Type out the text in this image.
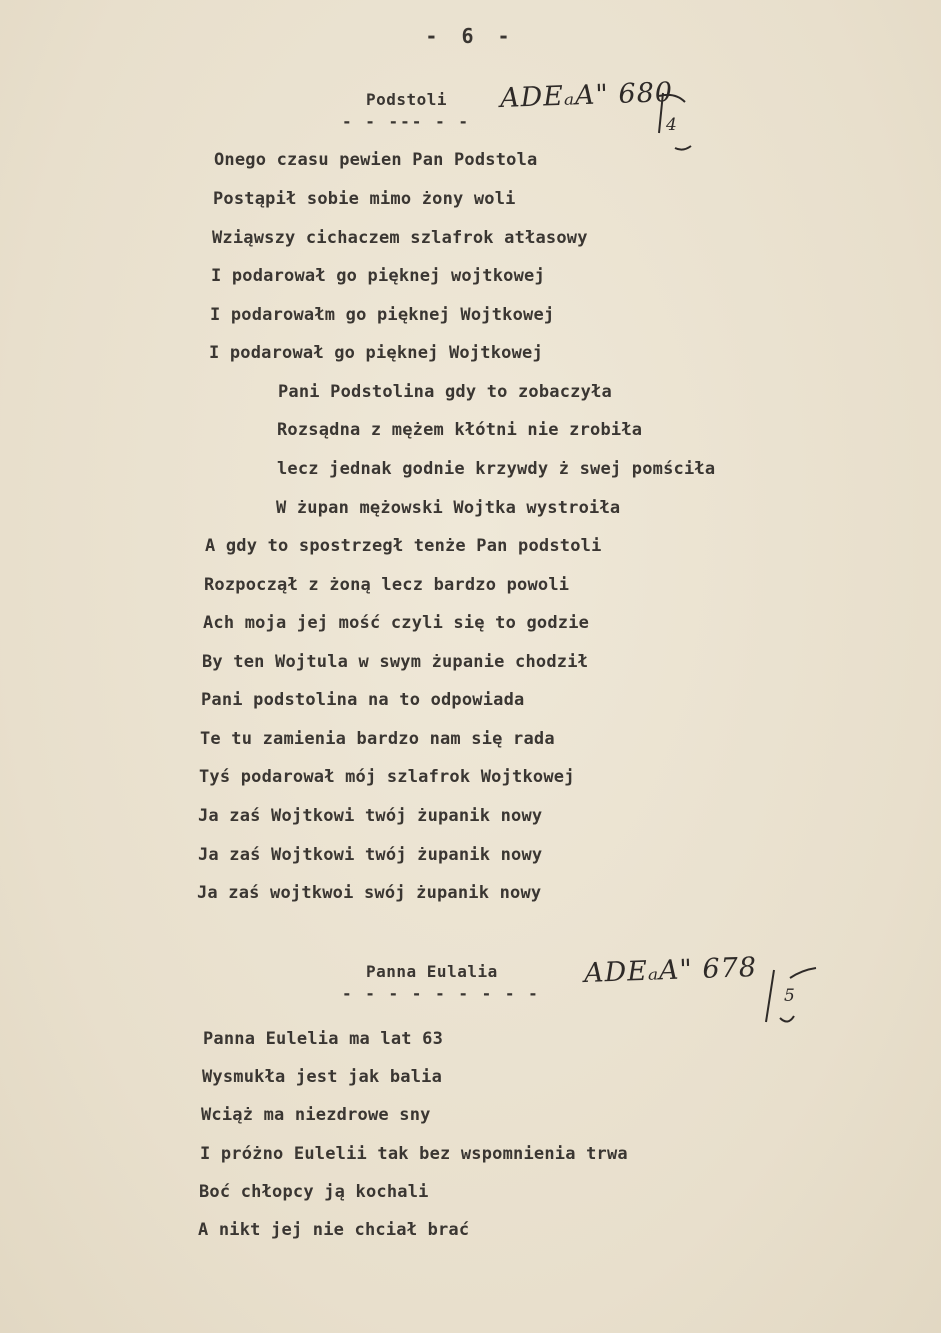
- 6 -
Podstoli
- - --- - -
ADEₐA" 680
4
Onego czasu pewien Pan Podstola
Postąpił sobie mimo żony woli
Wziąwszy cichaczem szlafrok atłasowy
I podarował go pięknej wojtkowej
I podarowałm go pięknej Wojtkowej
I podarował go pięknej Wojtkowej
Pani Podstolina gdy to zobaczyła
Rozsądna z mężem kłótni nie zrobiła
lecz jednak godnie krzywdy ż swej pomściła
W żupan mężowski Wojtka wystroiła
A gdy to spostrzegł tenże Pan podstoli
Rozpoczął z żoną lecz bardzo powoli
Ach moja jej mość czyli się to godzie
By ten Wojtula w swym żupanie chodził
Pani podstolina na to odpowiada
Te tu zamienia bardzo nam się rada
Tyś podarował mój szlafrok Wojtkowej
Ja zaś Wojtkowi twój żupanik nowy
Ja zaś Wojtkowi twój żupanik nowy
Ja zaś wojtkwoi swój żupanik nowy
Panna Eulalia
- - - - - - - - -
ADEₐA" 678
5
Panna Eulelia ma lat 63
Wysmukła jest jak balia
Wciąż ma niezdrowe sny
I próżno Eulelii tak bez wspomnienia trwa
Boć chłopcy ją kochali
A nikt jej nie chciał brać
